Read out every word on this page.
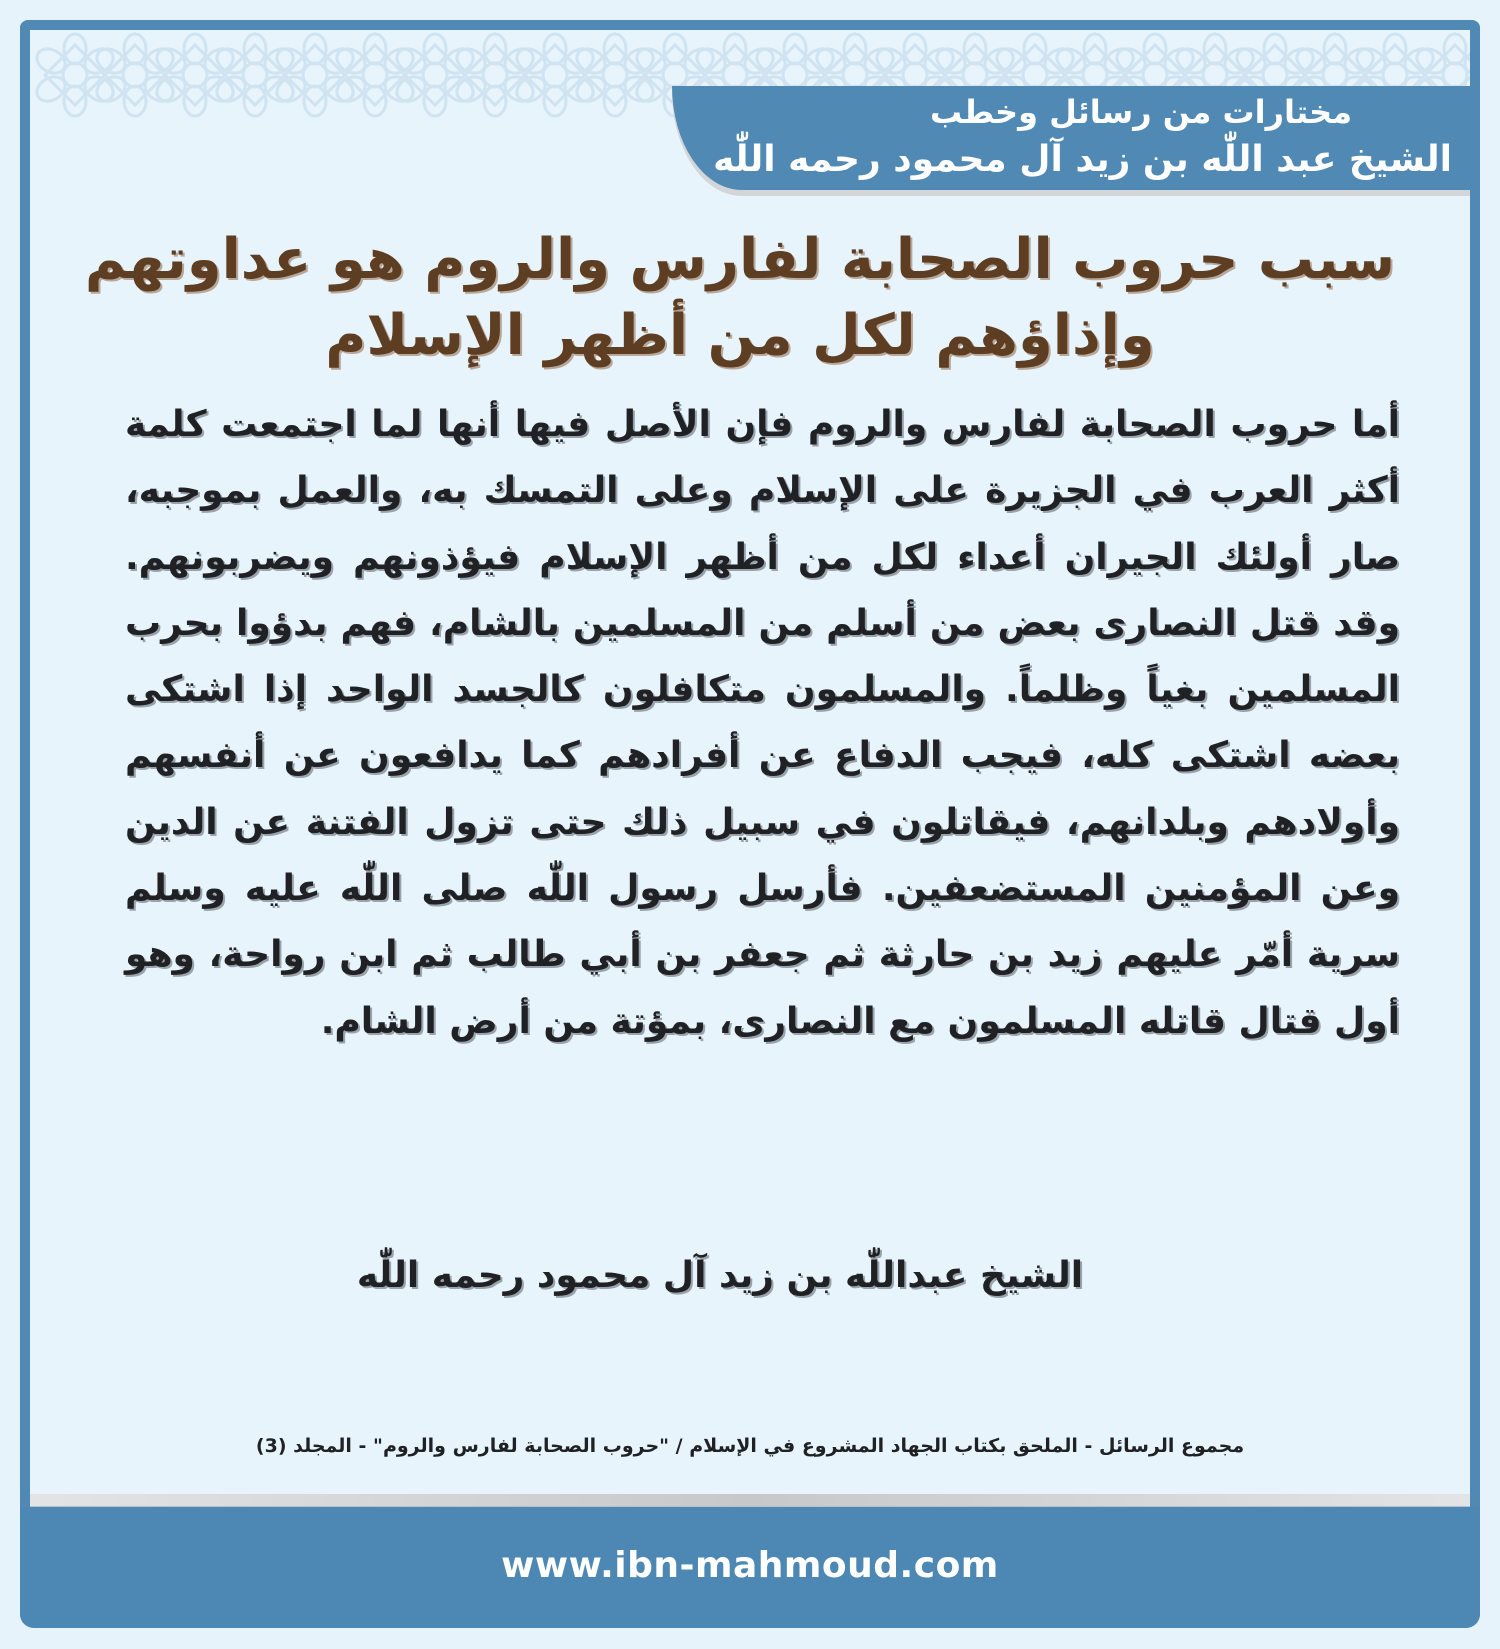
مختارات من رسائل وخطب
الشيخ عبد اللّٰه بن زيد آل محمود رحمه اللّٰه
سبب حروب الصحابة لفارس والروم هو عداوتهم وإذاؤهم لكل من أظهر الإسلام

أما حروب الصحابة لفارس والروم فإن الأصل فيها أنها لما اجتمعت كلمة أكثر العرب في الجزيرة على الإسلام وعلى التمسك به، والعمل بموجبه، صار أولئك الجيران أعداء لكل من أظهر الإسلام فيؤذونهم ويضربونهم. وقد قتل النصارى بعض من أسلم من المسلمين بالشام، فهم بدؤوا بحرب المسلمين بغياً وظلماً. والمسلمون متكافلون كالجسد الواحد إذا اشتكى بعضه اشتكى كله، فيجب الدفاع عن أفرادهم كما يدافعون عن أنفسهم وأولادهم وبلدانهم، فيقاتلون في سبيل ذلك حتى تزول الفتنة عن الدين وعن المؤمنين المستضعفين. فأرسل رسول اللّٰه صلى اللّٰه عليه وسلم سرية أمّر عليهم زيد بن حارثة ثم جعفر بن أبي طالب ثم ابن رواحة، وهو أول قتال قاتله المسلمون مع النصارى، بمؤتة من أرض الشام.

الشيخ عبداللّٰه بن زيد آل محمود رحمه اللّٰه
مجموع الرسائل - الملحق بكتاب الجهاد المشروع في الإسلام / "حروب الصحابة لفارس والروم" - المجلد (3)
www.ibn-mahmoud.com
